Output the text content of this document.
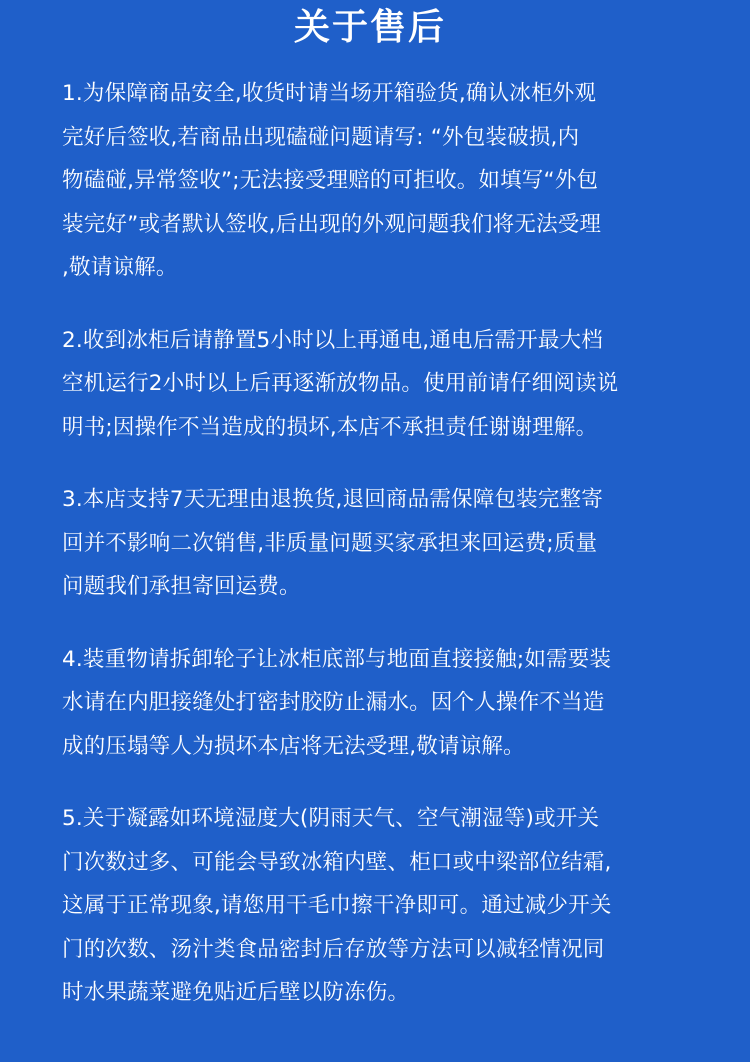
关于售后

1.为保障商品安全,收货时请当场开箱验货,确认冰柜外观
完好后签收,若商品出现磕碰问题请写: “外包装破损,内
物磕碰,异常签收”;无法接受理赔的可拒收。如填写“外包
装完好”或者默认签收,后出现的外观问题我们将无法受理
,敬请谅解。

2.收到冰柜后请静置5小时以上再通电,通电后需开最大档
空机运行2小时以上后再逐渐放物品。使用前请仔细阅读说
明书;因操作不当造成的损坏,本店不承担责任谢谢理解。

3.本店支持7天无理由退换货,退回商品需保障包装完整寄
回并不影响二次销售,非质量问题买家承担来回运费;质量
问题我们承担寄回运费。

4.装重物请拆卸轮子让冰柜底部与地面直接接触;如需要装
水请在内胆接缝处打密封胶防止漏水。因个人操作不当造
成的压塌等人为损坏本店将无法受理,敬请谅解。

5.关于凝露如环境湿度大(阴雨天气、空气潮湿等)或开关
门次数过多、可能会导致冰箱内壁、柜口或中梁部位结霜,
这属于正常现象,请您用干毛巾擦干净即可。通过减少开关
门的次数、汤汁类食品密封后存放等方法可以减轻情况同
时水果蔬菜避免贴近后壁以防冻伤。
